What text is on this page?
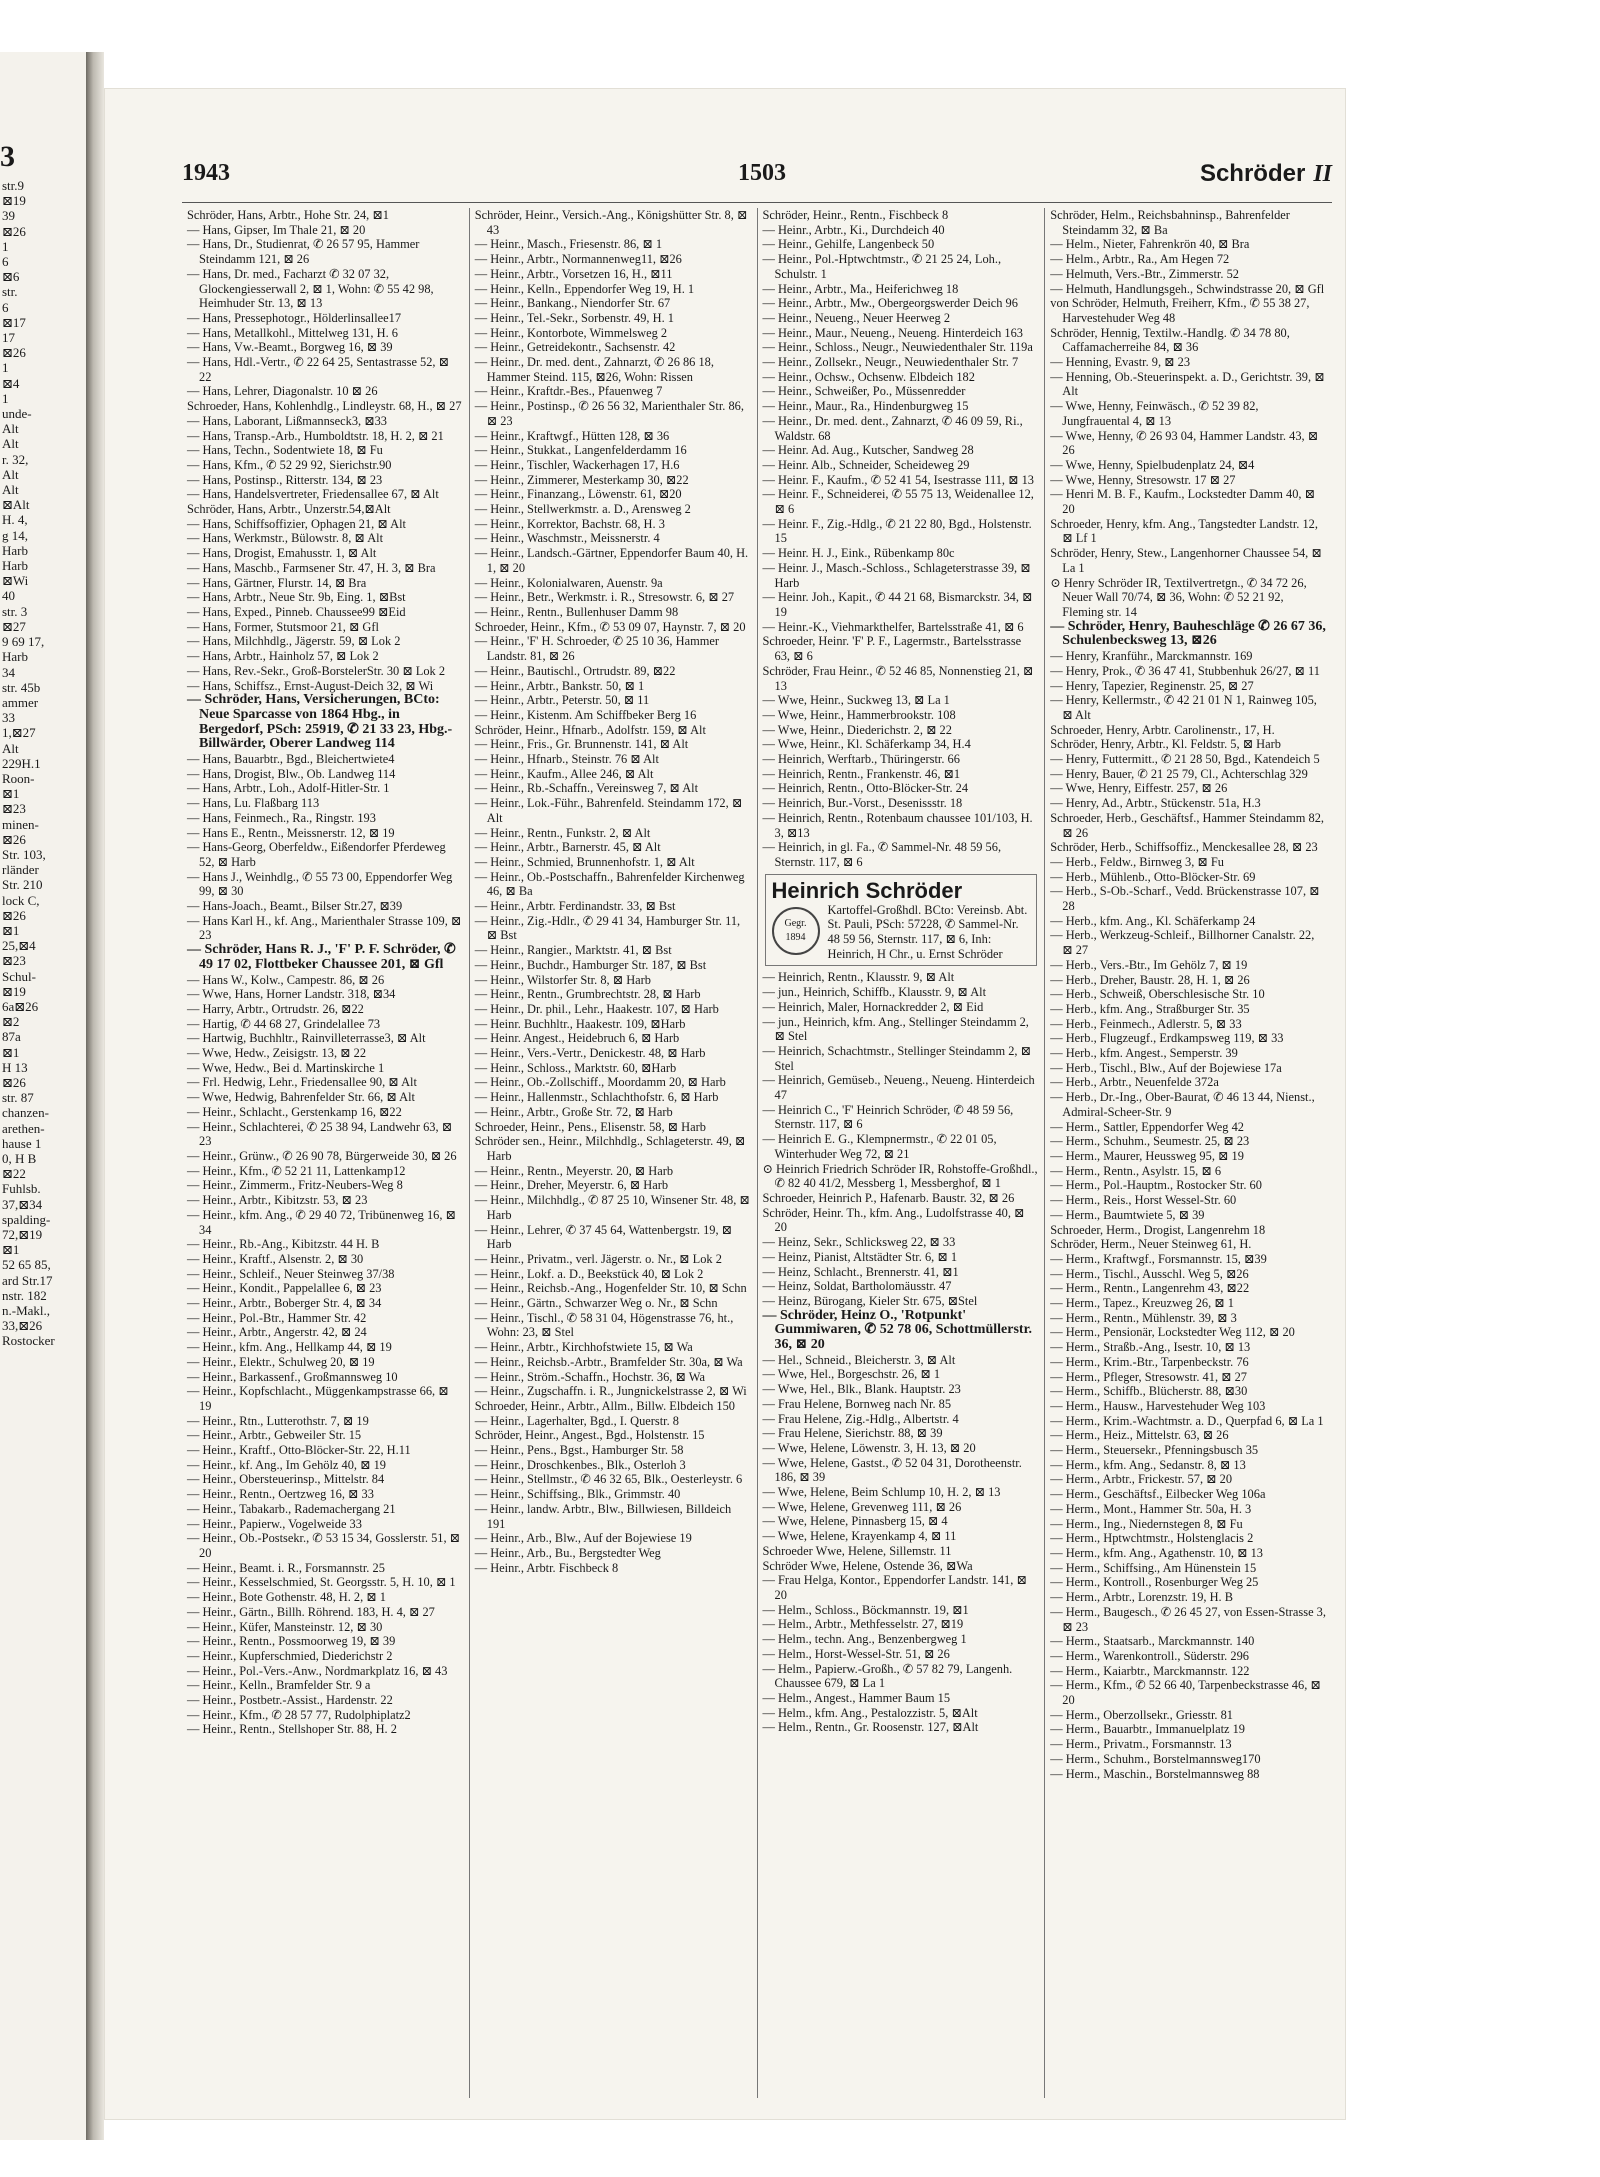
3
str.9
⊠19
39
⊠26
1
6
⊠6
str.
6
⊠17
17
⊠26
1
⊠4
1
unde-
Alt
Alt
r. 32,
Alt
Alt
⊠Alt
H. 4,
g 14,
Harb
Harb
⊠Wi
40
str. 3
⊠27
9 69 17,
Harb
34
str. 45b
ammer
33
1,⊠27
Alt
229H.1
Roon-
⊠1
⊠23
minen-
⊠26
Str. 103,
rländer
Str. 210
lock C,
⊠26
⊠1
25,⊠4
⊠23
Schul-
⊠19
6a⊠26
⊠2
87a
⊠1
H 13
⊠26
str. 87
chanzen-
arethen-
hause 1
0, H B
⊠22
Fuhlsb.
37,⊠34
spalding-
72,⊠19
⊠1
52 65 85,
ard Str.17
nstr. 182
n.-Makl.,
33,⊠26
Rostocker
1943	1503	Schröder II
Schröder, Hans, Arbtr., Hohe Str. 24, ⊠1
— Hans, Gipser, Im Thale 21, ⊠ 20
— Hans, Dr., Studienrat, ✆ 26 57 95, Hammer Steindamm 121, ⊠ 26
— Hans, Dr. med., Facharzt ✆ 32 07 32, Glockengiesserwall 2, ⊠ 1, Wohn: ✆ 55 42 98, Heimhuder Str. 13, ⊠ 13
— Hans, Pressephotogr., Hölderlinsallee17
— Hans, Metallkohl., Mittelweg 131, H. 6
— Hans, Vw.-Beamt., Borgweg 16, ⊠ 39
— Hans, Hdl.-Vertr., ✆ 22 64 25, Sentastrasse 52, ⊠ 22
— Hans, Lehrer, Diagonalstr. 10 ⊠ 26
Schroeder, Hans, Kohlenhdlg., Lindleystr. 68, H., ⊠ 27
— Hans, Laborant, Lißmannseck3, ⊠33
— Hans, Transp.-Arb., Humboldtstr. 18, H. 2, ⊠ 21
— Hans, Techn., Sodentwiete 18, ⊠ Fu
— Hans, Kfm., ✆ 52 29 92, Sierichstr.90
— Hans, Postinsp., Ritterstr. 134, ⊠ 23
— Hans, Handelsvertreter, Friedensallee 67, ⊠ Alt
Schröder, Hans, Arbtr., Unzerstr.54,⊠Alt
— Hans, Schiffsoffizier, Ophagen 21, ⊠ Alt
— Hans, Werkmstr., Bülowstr. 8, ⊠ Alt
— Hans, Drogist, Emahusstr. 1, ⊠ Alt
— Hans, Maschb., Farmsener Str. 47, H. 3, ⊠ Bra
— Hans, Gärtner, Flurstr. 14, ⊠ Bra
— Hans, Arbtr., Neue Str. 9b, Eing. 1, ⊠Bst
— Hans, Exped., Pinneb. Chaussee99 ⊠Eid
— Hans, Former, Stutsmoor 21, ⊠ Gfl
— Hans, Milchhdlg., Jägerstr. 59, ⊠ Lok 2
— Hans, Arbtr., Hainholz 57, ⊠ Lok 2
— Hans, Rev.-Sekr., Groß-BorstelerStr. 30 ⊠ Lok 2
— Hans, Schiffsz., Ernst-August-Deich 32, ⊠ Wi
— Schröder, Hans, Versicherungen, BCto: Neue Sparcasse von 1864 Hbg., in Bergedorf, PSch: 25919, ✆ 21 33 23, Hbg.-Billwärder, Oberer Landweg 114
— Hans, Bauarbtr., Bgd., Bleichertwiete4
— Hans, Drogist, Blw., Ob. Landweg 114
— Hans, Arbtr., Loh., Adolf-Hitler-Str. 1
— Hans, Lu. Flaßbarg 113
— Hans, Feinmech., Ra., Ringstr. 193
— Hans E., Rentn., Meissnerstr. 12, ⊠ 19
— Hans-Georg, Oberfeldw., Eißendorfer Pferdeweg 52, ⊠ Harb
— Hans J., Weinhdlg., ✆ 55 73 00, Eppendorfer Weg 99, ⊠ 30
— Hans-Joach., Beamt., Bilser Str.27, ⊠39
— Hans Karl H., kf. Ang., Marienthaler Strasse 109, ⊠ 23
— Schröder, Hans R. J., 'F' P. F. Schröder, ✆ 49 17 02, Flottbeker Chaussee 201, ⊠ Gfl
— Hans W., Kolw., Campestr. 86, ⊠ 26
— Wwe, Hans, Horner Landstr. 318, ⊠34
— Harry, Arbtr., Ortrudstr. 26, ⊠22
— Hartig, ✆ 44 68 27, Grindelallee 73
— Hartwig, Buchhltr., Rainvilleterrasse3, ⊠ Alt
— Wwe, Hedw., Zeisigstr. 13, ⊠ 22
— Wwe, Hedw., Bei d. Martinskirche 1
— Frl. Hedwig, Lehr., Friedensallee 90, ⊠ Alt
— Wwe, Hedwig, Bahrenfelder Str. 66, ⊠ Alt
— Heinr., Schlacht., Gerstenkamp 16, ⊠22
— Heinr., Schlachterei, ✆ 25 38 94, Landwehr 63, ⊠ 23
— Heinr., Grünw., ✆ 26 90 78, Bürgerweide 30, ⊠ 26
— Heinr., Kfm., ✆ 52 21 11, Lattenkamp12
— Heinr., Zimmerm., Fritz-Neubers-Weg 8
— Heinr., Arbtr., Kibitzstr. 53, ⊠ 23
— Heinr., kfm. Ang., ✆ 29 40 72, Tribünenweg 16, ⊠ 34
— Heinr., Rb.-Ang., Kibitzstr. 44 H. B
— Heinr., Kraftf., Alsenstr. 2, ⊠ 30
— Heinr., Schleif., Neuer Steinweg 37/38
— Heinr., Kondit., Pappelallee 6, ⊠ 23
— Heinr., Arbtr., Boberger Str. 4, ⊠ 34
— Heinr., Pol.-Btr., Hammer Str. 42
— Heinr., Arbtr., Angerstr. 42, ⊠ 24
— Heinr., kfm. Ang., Hellkamp 44, ⊠ 19
— Heinr., Elektr., Schulweg 20, ⊠ 19
— Heinr., Barkassenf., Großmannsweg 10
— Heinr., Kopfschlacht., Müggenkampstrasse 66, ⊠ 19
— Heinr., Rtn., Lutterothstr. 7, ⊠ 19
— Heinr., Arbtr., Gebweiler Str. 15
— Heinr., Kraftf., Otto-Blöcker-Str. 22, H.11
— Heinr., kf. Ang., Im Gehölz 40, ⊠ 19
— Heinr., Obersteuerinsp., Mittelstr. 84
— Heinr., Rentn., Oertzweg 16, ⊠ 33
— Heinr., Tabakarb., Rademachergang 21
— Heinr., Papierw., Vogelweide 33
— Heinr., Ob.-Postsekr., ✆ 53 15 34, Gosslerstr. 51, ⊠ 20
— Heinr., Beamt. i. R., Forsmannstr. 25
— Heinr., Kesselschmied, St. Georgsstr. 5, H. 10, ⊠ 1
— Heinr., Bote Gothenstr. 48, H. 2, ⊠ 1
— Heinr., Gärtn., Billh. Röhrend. 183, H. 4, ⊠ 27
— Heinr., Küfer, Mansteinstr. 12, ⊠ 30
— Heinr., Rentn., Possmoorweg 19, ⊠ 39
— Heinr., Kupferschmied, Diederichstr 2
— Heinr., Pol.-Vers.-Anw., Nordmarkplatz 16, ⊠ 43
— Heinr., Kelln., Bramfelder Str. 9 a
— Heinr., Postbetr.-Assist., Hardenstr. 22
— Heinr., Kfm., ✆ 28 57 77, Rudolphiplatz2
— Heinr., Rentn., Stellshoper Str. 88, H. 2
Schröder, Heinr., Versich.-Ang., Königshütter Str. 8, ⊠ 43
— Heinr., Masch., Friesenstr. 86, ⊠ 1
— Heinr., Arbtr., Normannenweg11, ⊠26
— Heinr., Arbtr., Vorsetzen 16, H., ⊠11
— Heinr., Kelln., Eppendorfer Weg 19, H. 1
— Heinr., Bankang., Niendorfer Str. 67
— Heinr., Tel.-Sekr., Sorbenstr. 49, H. 1
— Heinr., Kontorbote, Wimmelsweg 2
— Heinr., Getreidekontr., Sachsenstr. 42
— Heinr., Dr. med. dent., Zahnarzt, ✆ 26 86 18, Hammer Steind. 115, ⊠26, Wohn: Rissen
— Heinr., Kraftdr.-Bes., Pfauenweg 7
— Heinr., Postinsp., ✆ 26 56 32, Marienthaler Str. 86, ⊠ 23
— Heinr., Kraftwgf., Hütten 128, ⊠ 36
— Heinr., Stukkat., Langenfelderdamm 16
— Heinr., Tischler, Wackerhagen 17, H.6
— Heinr., Zimmerer, Mesterkamp 30, ⊠22
— Heinr., Finanzang., Löwenstr. 61, ⊠20
— Heinr., Stellwerkmstr. a. D., Arensweg 2
— Heinr., Korrektor, Bachstr. 68, H. 3
— Heinr., Waschmstr., Meissnerstr. 4
— Heinr., Landsch.-Gärtner, Eppendorfer Baum 40, H. 1, ⊠ 20
— Heinr., Kolonialwaren, Auenstr. 9a
— Heinr., Betr., Werkmstr. i. R., Stresowstr. 6, ⊠ 27
— Heinr., Rentn., Bullenhuser Damm 98
Schroeder, Heinr., Kfm., ✆ 53 09 07, Haynstr. 7, ⊠ 20
— Heinr., 'F' H. Schroeder, ✆ 25 10 36, Hammer Landstr. 81, ⊠ 26
— Heinr., Bautischl., Ortrudstr. 89, ⊠22
— Heinr., Arbtr., Bankstr. 50, ⊠ 1
— Heinr., Arbtr., Peterstr. 50, ⊠ 11
— Heinr., Kistenm. Am Schiffbeker Berg 16
Schröder, Heinr., Hfnarb., Adolfstr. 159, ⊠ Alt
— Heinr., Fris., Gr. Brunnenstr. 141, ⊠ Alt
— Heinr., Hfnarb., Steinstr. 76 ⊠ Alt
— Heinr., Kaufm., Allee 246, ⊠ Alt
— Heinr., Rb.-Schaffn., Vereinsweg 7, ⊠ Alt
— Heinr., Lok.-Führ., Bahrenfeld. Steindamm 172, ⊠ Alt
— Heinr., Rentn., Funkstr. 2, ⊠ Alt
— Heinr., Arbtr., Barnerstr. 45, ⊠ Alt
— Heinr., Schmied, Brunnenhofstr. 1, ⊠ Alt
— Heinr., Ob.-Postschaffn., Bahrenfelder Kirchenweg 46, ⊠ Ba
— Heinr., Arbtr. Ferdinandstr. 33, ⊠ Bst
— Heinr., Zig.-Hdlr., ✆ 29 41 34, Hamburger Str. 11, ⊠ Bst
— Heinr., Rangier., Marktstr. 41, ⊠ Bst
— Heinr., Buchdr., Hamburger Str. 187, ⊠ Bst
— Heinr., Wilstorfer Str. 8, ⊠ Harb
— Heinr., Rentn., Grumbrechtstr. 28, ⊠ Harb
— Heinr., Dr. phil., Lehr., Haakestr. 107, ⊠ Harb
— Heinr. Buchhltr., Haakestr. 109, ⊠Harb
— Heinr. Angest., Heidebruch 6, ⊠ Harb
— Heinr., Vers.-Vertr., Denickestr. 48, ⊠ Harb
— Heinr., Schloss., Marktstr. 60, ⊠Harb
— Heinr., Ob.-Zollschiff., Moordamm 20, ⊠ Harb
— Heinr., Hallenmstr., Schlachthofstr. 6, ⊠ Harb
— Heinr., Arbtr., Große Str. 72, ⊠ Harb
Schroeder, Heinr., Pens., Elisenstr. 58, ⊠ Harb
Schröder sen., Heinr., Milchhdlg., Schlageterstr. 49, ⊠ Harb
— Heinr., Rentn., Meyerstr. 20, ⊠ Harb
— Heinr., Dreher, Meyerstr. 6, ⊠ Harb
— Heinr., Milchhdlg., ✆ 87 25 10, Winsener Str. 48, ⊠ Harb
— Heinr., Lehrer, ✆ 37 45 64, Wattenbergstr. 19, ⊠ Harb
— Heinr., Privatm., verl. Jägerstr. o. Nr., ⊠ Lok 2
— Heinr., Lokf. a. D., Beekstück 40, ⊠ Lok 2
— Heinr., Reichsb.-Ang., Hogenfelder Str. 10, ⊠ Schn
— Heinr., Gärtn., Schwarzer Weg o. Nr., ⊠ Schn
— Heinr., Tischl., ✆ 58 31 04, Högenstrasse 76, ht., Wohn: 23, ⊠ Stel
— Heinr., Arbtr., Kirchhofstwiete 15, ⊠ Wa
— Heinr., Reichsb.-Arbtr., Bramfelder Str. 30a, ⊠ Wa
— Heinr., Ström.-Schaffn., Hochstr. 36, ⊠ Wa
— Heinr., Zugschaffn. i. R., Jungnickelstrasse 2, ⊠ Wi
Schroeder, Heinr., Arbtr., Allm., Billw. Elbdeich 150
— Heinr., Lagerhalter, Bgd., I. Querstr. 8
Schröder, Heinr., Angest., Bgd., Holstenstr. 15
— Heinr., Pens., Bgst., Hamburger Str. 58
— Heinr., Droschkenbes., Blk., Osterloh 3
— Heinr., Stellmstr., ✆ 46 32 65, Blk., Oesterleystr. 6
— Heinr., Schiffsing., Blk., Grimmstr. 40
— Heinr., landw. Arbtr., Blw., Billwiesen, Billdeich 191
— Heinr., Arb., Blw., Auf der Bojewiese 19
— Heinr., Arb., Bu., Bergstedter Weg
— Heinr., Arbtr. Fischbeck 8
Schröder, Heinr., Rentn., Fischbeck 8
— Heinr., Arbtr., Ki., Durchdeich 40
— Heinr., Gehilfe, Langenbeck 50
— Heinr., Pol.-Hptwchtmstr., ✆ 21 25 24, Loh., Schulstr. 1
— Heinr., Arbtr., Ma., Heiferichweg 18
— Heinr., Arbtr., Mw., Obergeorgswerder Deich 96
— Heinr., Neueng., Neuer Heerweg 2
— Heinr., Maur., Neueng., Neueng. Hinterdeich 163
— Heinr., Schloss., Neugr., Neuwiedenthaler Str. 119a
— Heinr., Zollsekr., Neugr., Neuwiedenthaler Str. 7
— Heinr., Ochsw., Ochsenw. Elbdeich 182
— Heinr., Schweißer, Po., Müssenredder
— Heinr., Maur., Ra., Hindenburgweg 15
— Heinr., Dr. med. dent., Zahnarzt, ✆ 46 09 59, Ri., Waldstr. 68
— Heinr. Ad. Aug., Kutscher, Sandweg 28
— Heinr. Alb., Schneider, Scheideweg 29
— Heinr. F., Kaufm., ✆ 52 41 54, Isestrasse 111, ⊠ 13
— Heinr. F., Schneiderei, ✆ 55 75 13, Weidenallee 12, ⊠ 6
— Heinr. F., Zig.-Hdlg., ✆ 21 22 80, Bgd., Holstenstr. 15
— Heinr. H. J., Eink., Rübenkamp 80c
— Heinr. J., Masch.-Schloss., Schlageterstrasse 39, ⊠ Harb
— Heinr. Joh., Kapit., ✆ 44 21 68, Bismarckstr. 34, ⊠ 19
— Heinr.-K., Viehmarkthelfer, Bartelsstraße 41, ⊠ 6
Schroeder, Heinr. 'F' P. F., Lagermstr., Bartelsstrasse 63, ⊠ 6
Schröder, Frau Heinr., ✆ 52 46 85, Nonnenstieg 21, ⊠ 13
— Wwe, Heinr., Suckweg 13, ⊠ La 1
— Wwe, Heinr., Hammerbrookstr. 108
— Wwe, Heinr., Diederichstr. 2, ⊠ 22
— Wwe, Heinr., Kl. Schäferkamp 34, H.4
— Heinrich, Werftarb., Thüringerstr. 66
— Heinrich, Rentn., Frankenstr. 46, ⊠1
— Heinrich, Rentn., Otto-Blöcker-Str. 24
— Heinrich, Bur.-Vorst., Desenissstr. 18
— Heinrich, Rentn., Rotenbaum chaussee 101/103, H. 3, ⊠13
— Heinrich, in gl. Fa., ✆ Sammel-Nr. 48 59 56, Sternstr. 117, ⊠ 6
Heinrich Schröder
Gegr. 1894
Kartoffel-Großhdl. BCto: Vereinsb. Abt. St. Pauli, PSch: 57228, ✆ Sammel-Nr. 48 59 56, Sternstr. 117, ⊠ 6, Inh: Heinrich, H Chr., u. Ernst Schröder
— Heinrich, Rentn., Klausstr. 9, ⊠ Alt
— jun., Heinrich, Schiffb., Klausstr. 9, ⊠ Alt
— Heinrich, Maler, Hornackredder 2, ⊠ Eid
— jun., Heinrich, kfm. Ang., Stellinger Steindamm 2, ⊠ Stel
— Heinrich, Schachtmstr., Stellinger Steindamm 2, ⊠ Stel
— Heinrich, Gemüseb., Neueng., Neueng. Hinterdeich 47
— Heinrich C., 'F' Heinrich Schröder, ✆ 48 59 56, Sternstr. 117, ⊠ 6
— Heinrich E. G., Klempnermstr., ✆ 22 01 05, Winterhuder Weg 72, ⊠ 21
⊙ Heinrich Friedrich Schröder IR, Rohstoffe-Großhdl., ✆ 82 40 41/2, Messberg 1, Messberghof, ⊠ 1
Schroeder, Heinrich P., Hafenarb. Baustr. 32, ⊠ 26
Schröder, Heinr. Th., kfm. Ang., Ludolfstrasse 40, ⊠ 20
— Heinz, Sekr., Schlicksweg 22, ⊠ 33
— Heinz, Pianist, Altstädter Str. 6, ⊠ 1
— Heinz, Schlacht., Brennerstr. 41, ⊠1
— Heinz, Soldat, Bartholomäusstr. 47
— Heinz, Bürogang, Kieler Str. 675, ⊠Stel
— Schröder, Heinz O., 'Rotpunkt' Gummiwaren, ✆ 52 78 06, Schottmüllerstr. 36, ⊠ 20
— Hel., Schneid., Bleicherstr. 3, ⊠ Alt
— Wwe, Hel., Borgeschstr. 26, ⊠ 1
— Wwe, Hel., Blk., Blank. Hauptstr. 23
— Frau Helene, Bornweg nach Nr. 85
— Frau Helene, Zig.-Hdlg., Albertstr. 4
— Frau Helene, Sierichstr. 88, ⊠ 39
— Wwe, Helene, Löwenstr. 3, H. 13, ⊠ 20
— Wwe, Helene, Gastst., ✆ 52 04 31, Dorotheenstr. 186, ⊠ 39
— Wwe, Helene, Beim Schlump 10, H. 2, ⊠ 13
— Wwe, Helene, Grevenweg 111, ⊠ 26
— Wwe, Helene, Pinnasberg 15, ⊠ 4
— Wwe, Helene, Krayenkamp 4, ⊠ 11
Schroeder Wwe, Helene, Sillemstr. 11
Schröder Wwe, Helene, Ostende 36, ⊠Wa
— Frau Helga, Kontor., Eppendorfer Landstr. 141, ⊠ 20
— Helm., Schloss., Böckmannstr. 19, ⊠1
— Helm., Arbtr., Methfesselstr. 27, ⊠19
— Helm., techn. Ang., Benzenbergweg 1
— Helm., Horst-Wessel-Str. 51, ⊠ 26
— Helm., Papierw.-Großh., ✆ 57 82 79, Langenh. Chaussee 679, ⊠ La 1
— Helm., Angest., Hammer Baum 15
— Helm., kfm. Ang., Pestalozzistr. 5, ⊠Alt
— Helm., Rentn., Gr. Roosenstr. 127, ⊠Alt
Schröder, Helm., Reichsbahninsp., Bahrenfelder Steindamm 32, ⊠ Ba
— Helm., Nieter, Fahrenkrön 40, ⊠ Bra
— Helm., Arbtr., Ra., Am Hegen 72
— Helmuth, Vers.-Btr., Zimmerstr. 52
— Helmuth, Handlungsgeh., Schwindstrasse 20, ⊠ Gfl
von Schröder, Helmuth, Freiherr, Kfm., ✆ 55 38 27, Harvestehuder Weg 48
Schröder, Hennig, Textilw.-Handlg. ✆ 34 78 80, Caffamacherreihe 84, ⊠ 36
— Henning, Evastr. 9, ⊠ 23
— Henning, Ob.-Steuerinspekt. a. D., Gerichtstr. 39, ⊠ Alt
— Wwe, Henny, Feinwäsch., ✆ 52 39 82, Jungfrauental 4, ⊠ 13
— Wwe, Henny, ✆ 26 93 04, Hammer Landstr. 43, ⊠ 26
— Wwe, Henny, Spielbudenplatz 24, ⊠4
— Wwe, Henny, Stresowstr. 17 ⊠ 27
— Henri M. B. F., Kaufm., Lockstedter Damm 40, ⊠ 20
Schroeder, Henry, kfm. Ang., Tangstedter Landstr. 12, ⊠ Lf 1
Schröder, Henry, Stew., Langenhorner Chaussee 54, ⊠ La 1
⊙ Henry Schröder IR, Textilvertretgn., ✆ 34 72 26, Neuer Wall 70/74, ⊠ 36, Wohn: ✆ 52 21 92, Fleming str. 14
— Schröder, Henry, Bauheschläge ✆ 26 67 36, Schulenbecksweg 13, ⊠26
— Henry, Kranführ., Marckmannstr. 169
— Henry, Prok., ✆ 36 47 41, Stubbenhuk 26/27, ⊠ 11
— Henry, Tapezier, Reginenstr. 25, ⊠ 27
— Henry, Kellermstr., ✆ 42 21 01 N 1, Rainweg 105, ⊠ Alt
Schroeder, Henry, Arbtr. Carolinenstr., 17, H.
Schröder, Henry, Arbtr., Kl. Feldstr. 5, ⊠ Harb
— Henry, Futtermitt., ✆ 21 28 50, Bgd., Katendeich 5
— Henry, Bauer, ✆ 21 25 79, Cl., Achterschlag 329
— Wwe, Henry, Eiffestr. 257, ⊠ 26
— Henry, Ad., Arbtr., Stückenstr. 51a, H.3
Schroeder, Herb., Geschäftsf., Hammer Steindamm 82, ⊠ 26
Schröder, Herb., Schiffsoffiz., Menckesallee 28, ⊠ 23
— Herb., Feldw., Birnweg 3, ⊠ Fu
— Herb., Mühlenb., Otto-Blöcker-Str. 69
— Herb., S-Ob.-Scharf., Vedd. Brückenstrasse 107, ⊠ 28
— Herb., kfm. Ang., Kl. Schäferkamp 24
— Herb., Werkzeug-Schleif., Billhorner Canalstr. 22, ⊠ 27
— Herb., Vers.-Btr., Im Gehölz 7, ⊠ 19
— Herb., Dreher, Baustr. 28, H. 1, ⊠ 26
— Herb., Schweiß, Oberschlesische Str. 10
— Herb., kfm. Ang., Straßburger Str. 35
— Herb., Feinmech., Adlerstr. 5, ⊠ 33
— Herb., Flugzeugf., Erdkampsweg 119, ⊠ 33
— Herb., kfm. Angest., Semperstr. 39
— Herb., Tischl., Blw., Auf der Bojewiese 17a
— Herb., Arbtr., Neuenfelde 372a
— Herb., Dr.-Ing., Ober-Baurat, ✆ 46 13 44, Nienst., Admiral-Scheer-Str. 9
— Herm., Sattler, Eppendorfer Weg 42
— Herm., Schuhm., Seumestr. 25, ⊠ 23
— Herm., Maurer, Heussweg 95, ⊠ 19
— Herm., Rentn., Asylstr. 15, ⊠ 6
— Herm., Pol.-Hauptm., Rostocker Str. 60
— Herm., Reis., Horst Wessel-Str. 60
— Herm., Baumtwiete 5, ⊠ 39
Schroeder, Herm., Drogist, Langenrehm 18
Schröder, Herm., Neuer Steinweg 61, H.
— Herm., Kraftwgf., Forsmannstr. 15, ⊠39
— Herm., Tischl., Ausschl. Weg 5, ⊠26
— Herm., Rentn., Langenrehm 43, ⊠22
— Herm., Tapez., Kreuzweg 26, ⊠ 1
— Herm., Rentn., Mühlenstr. 39, ⊠ 3
— Herm., Pensionär, Lockstedter Weg 112, ⊠ 20
— Herm., Straßb.-Ang., Isestr. 10, ⊠ 13
— Herm., Krim.-Btr., Tarpenbeckstr. 76
— Herm., Pfleger, Stresowstr. 41, ⊠ 27
— Herm., Schiffb., Blücherstr. 88, ⊠30
— Herm., Hausw., Harvestehuder Weg 103
— Herm., Krim.-Wachtmstr. a. D., Querpfad 6, ⊠ La 1
— Herm., Heiz., Mittelstr. 63, ⊠ 26
— Herm., Steuersekr., Pfenningsbusch 35
— Herm., kfm. Ang., Sedanstr. 8, ⊠ 13
— Herm., Arbtr., Frickestr. 57, ⊠ 20
— Herm., Geschäftsf., Eilbecker Weg 106a
— Herm., Mont., Hammer Str. 50a, H. 3
— Herm., Ing., Niedernstegen 8, ⊠ Fu
— Herm., Hptwchtmstr., Holstenglacis 2
— Herm., kfm. Ang., Agathenstr. 10, ⊠ 13
— Herm., Schiffsing., Am Hünenstein 15
— Herm., Kontroll., Rosenburger Weg 25
— Herm., Arbtr., Lorenzstr. 19, H. B
— Herm., Baugesch., ✆ 26 45 27, von Essen-Strasse 3, ⊠ 23
— Herm., Staatsarb., Marckmannstr. 140
— Herm., Warenkontroll., Süderstr. 296
— Herm., Kaiarbtr., Marckmannstr. 122
— Herm., Kfm., ✆ 52 66 40, Tarpenbeckstrasse 46, ⊠ 20
— Herm., Oberzollsekr., Griesstr. 81
— Herm., Bauarbtr., Immanuelplatz 19
— Herm., Privatm., Forsmannstr. 13
— Herm., Schuhm., Borstelmannsweg170
— Herm., Maschin., Borstelmannsweg 88
